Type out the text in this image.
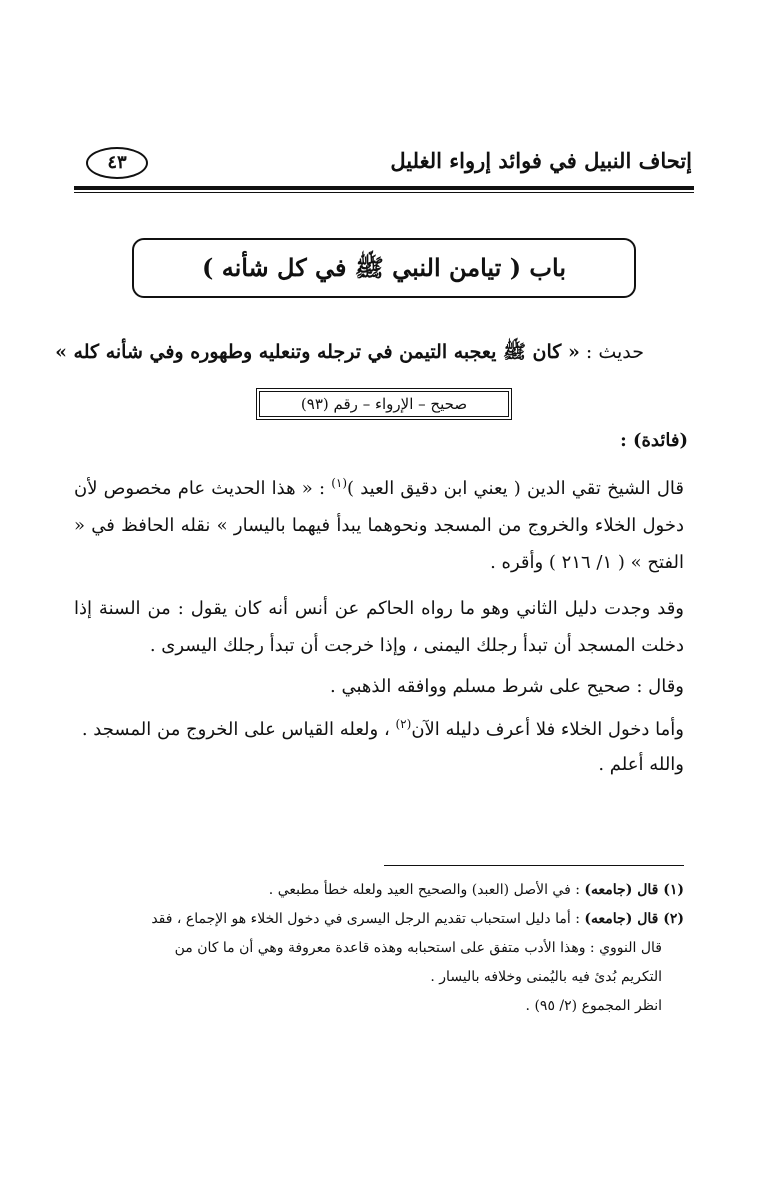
إتحاف النبيل في فوائد إرواء الغليل
٤٣
باب ( تيامن النبي ﷺ في كل شأنه )
حديث : « كان ﷺ يعجبه التيمن في ترجله وتنعليه وطهوره وفي شأنه كله »
صحيح – الإرواء – رقم (٩٣)
(فائدة) :

قال الشيخ تقي الدين ( يعني ابن دقيق العيد )$^{(١)}$ : « هذا الحديث عام مخصوص لأن دخول الخلاء والخروج من المسجد ونحوهما يبدأ فيهما باليسار » نقله الحافظ في « الفتح » ( ١/ ٢١٦ ) وأقره .

وقد وجدت دليل الثاني وهو ما رواه الحاكم عن أنس أنه كان يقول : من السنة إذا دخلت المسجد أن تبدأ رجلك اليمنى ، وإذا خرجت أن تبدأ رجلك اليسرى .

وقال : صحيح على شرط مسلم ووافقه الذهبي .

وأما دخول الخلاء فلا أعرف دليله الآن$^{(٢)}$ ، ولعله القياس على الخروج من المسجد .

والله أعلم .

(١) قال (جامعه) : في الأصل (العبد) والصحيح العيد ولعله خطأ مطبعي .

(٢) قال (جامعه) : أما دليل استحباب تقديم الرجل اليسرى في دخول الخلاء هو الإجماع ، فقد

قال النووي : وهذا الأدب متفق على استحبابه وهذه قاعدة معروفة وهي أن ما كان من

التكريم بُدئ فيه باليُمنى وخلافه باليسار .

انظر المجموع (٢/ ٩٥) .
